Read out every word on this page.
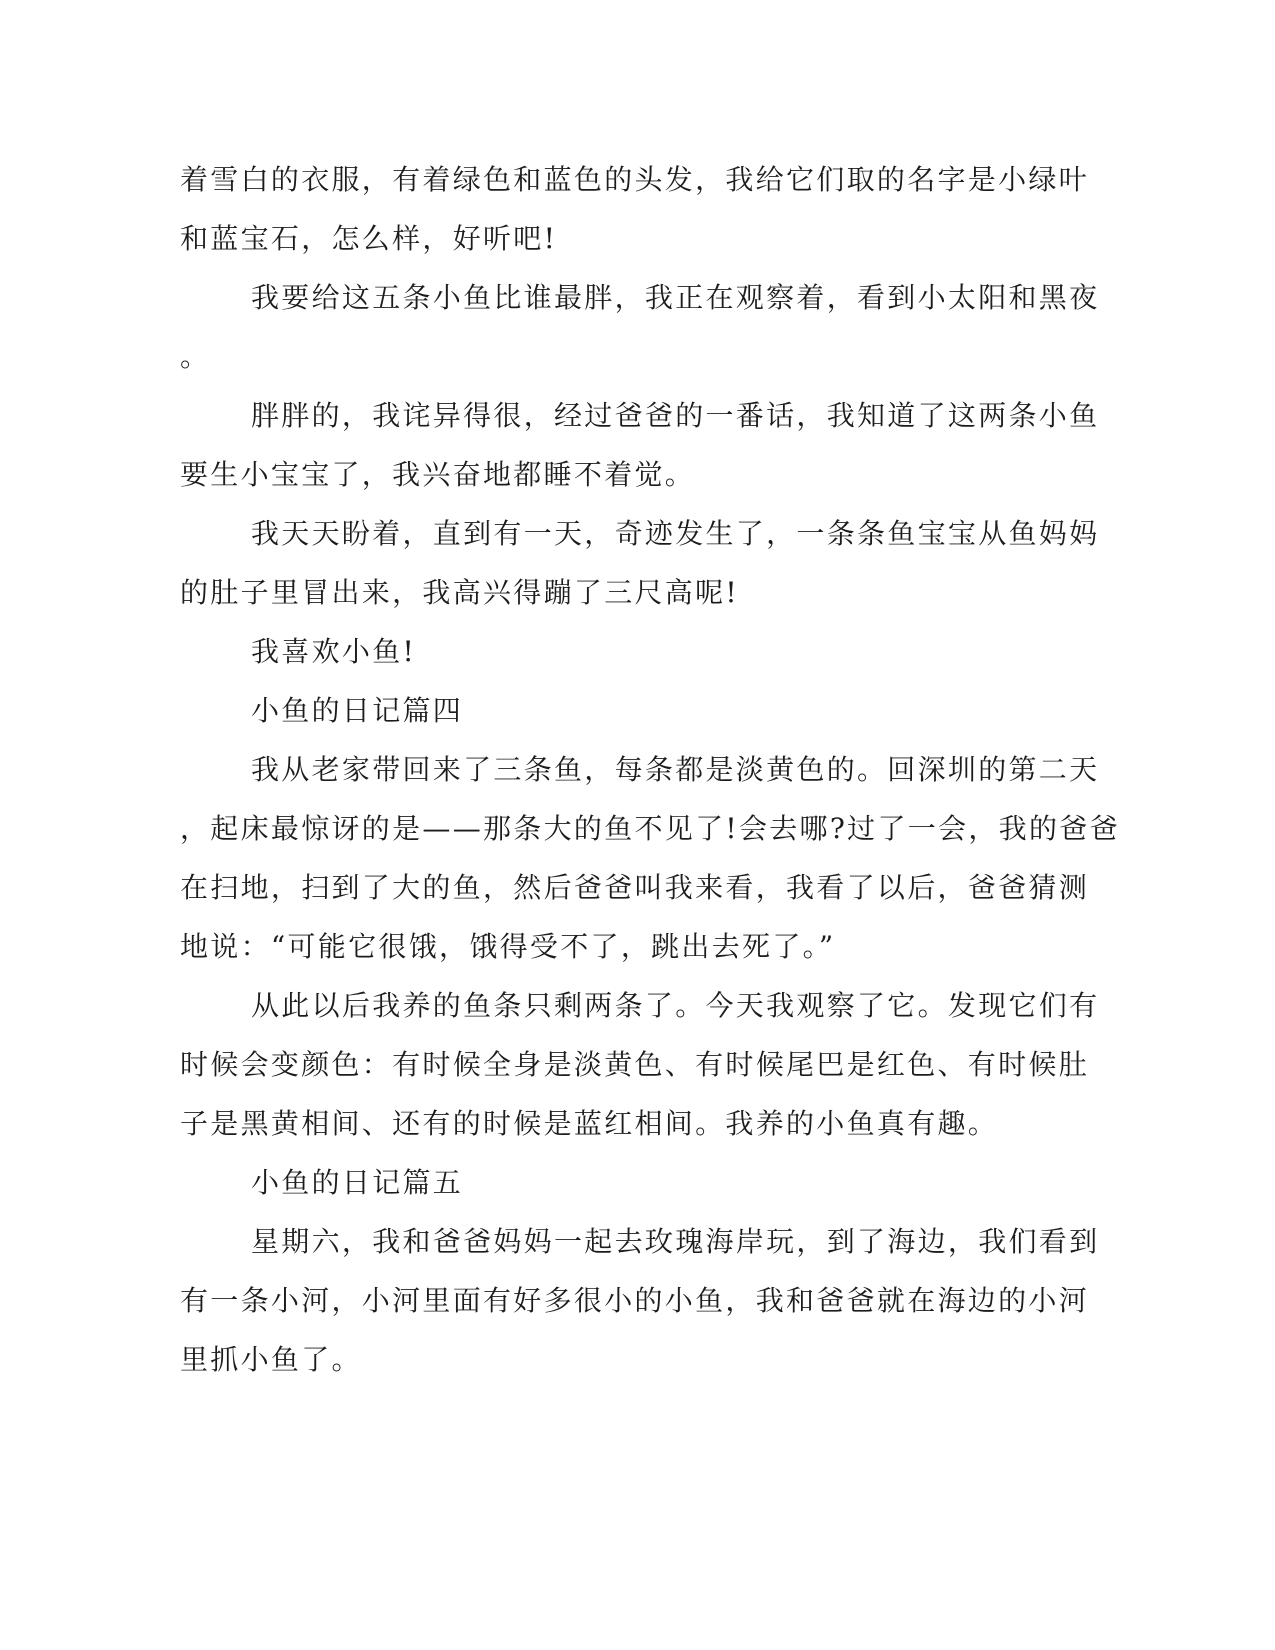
着雪白的衣服，有着绿色和蓝色的头发，我给它们取的名字是小绿叶
和蓝宝石，怎么样，好听吧!
我要给这五条小鱼比谁最胖，我正在观察着，看到小太阳和黑夜
。
胖胖的，我诧异得很，经过爸爸的一番话，我知道了这两条小鱼
要生小宝宝了，我兴奋地都睡不着觉。
我天天盼着，直到有一天，奇迹发生了，一条条鱼宝宝从鱼妈妈
的肚子里冒出来，我高兴得蹦了三尺高呢!
我喜欢小鱼!
小鱼的日记篇四
我从老家带回来了三条鱼，每条都是淡黄色的。回深圳的第二天
，起床最惊讶的是——那条大的鱼不见了!会去哪?过了一会，我的爸爸
在扫地，扫到了大的鱼，然后爸爸叫我来看，我看了以后，爸爸猜测
地说：“可能它很饿，饿得受不了，跳出去死了。”
从此以后我养的鱼条只剩两条了。今天我观察了它。发现它们有
时候会变颜色：有时候全身是淡黄色、有时候尾巴是红色、有时候肚
子是黑黄相间、还有的时候是蓝红相间。我养的小鱼真有趣。
小鱼的日记篇五
星期六，我和爸爸妈妈一起去玫瑰海岸玩，到了海边，我们看到
有一条小河，小河里面有好多很小的小鱼，我和爸爸就在海边的小河
里抓小鱼了。
